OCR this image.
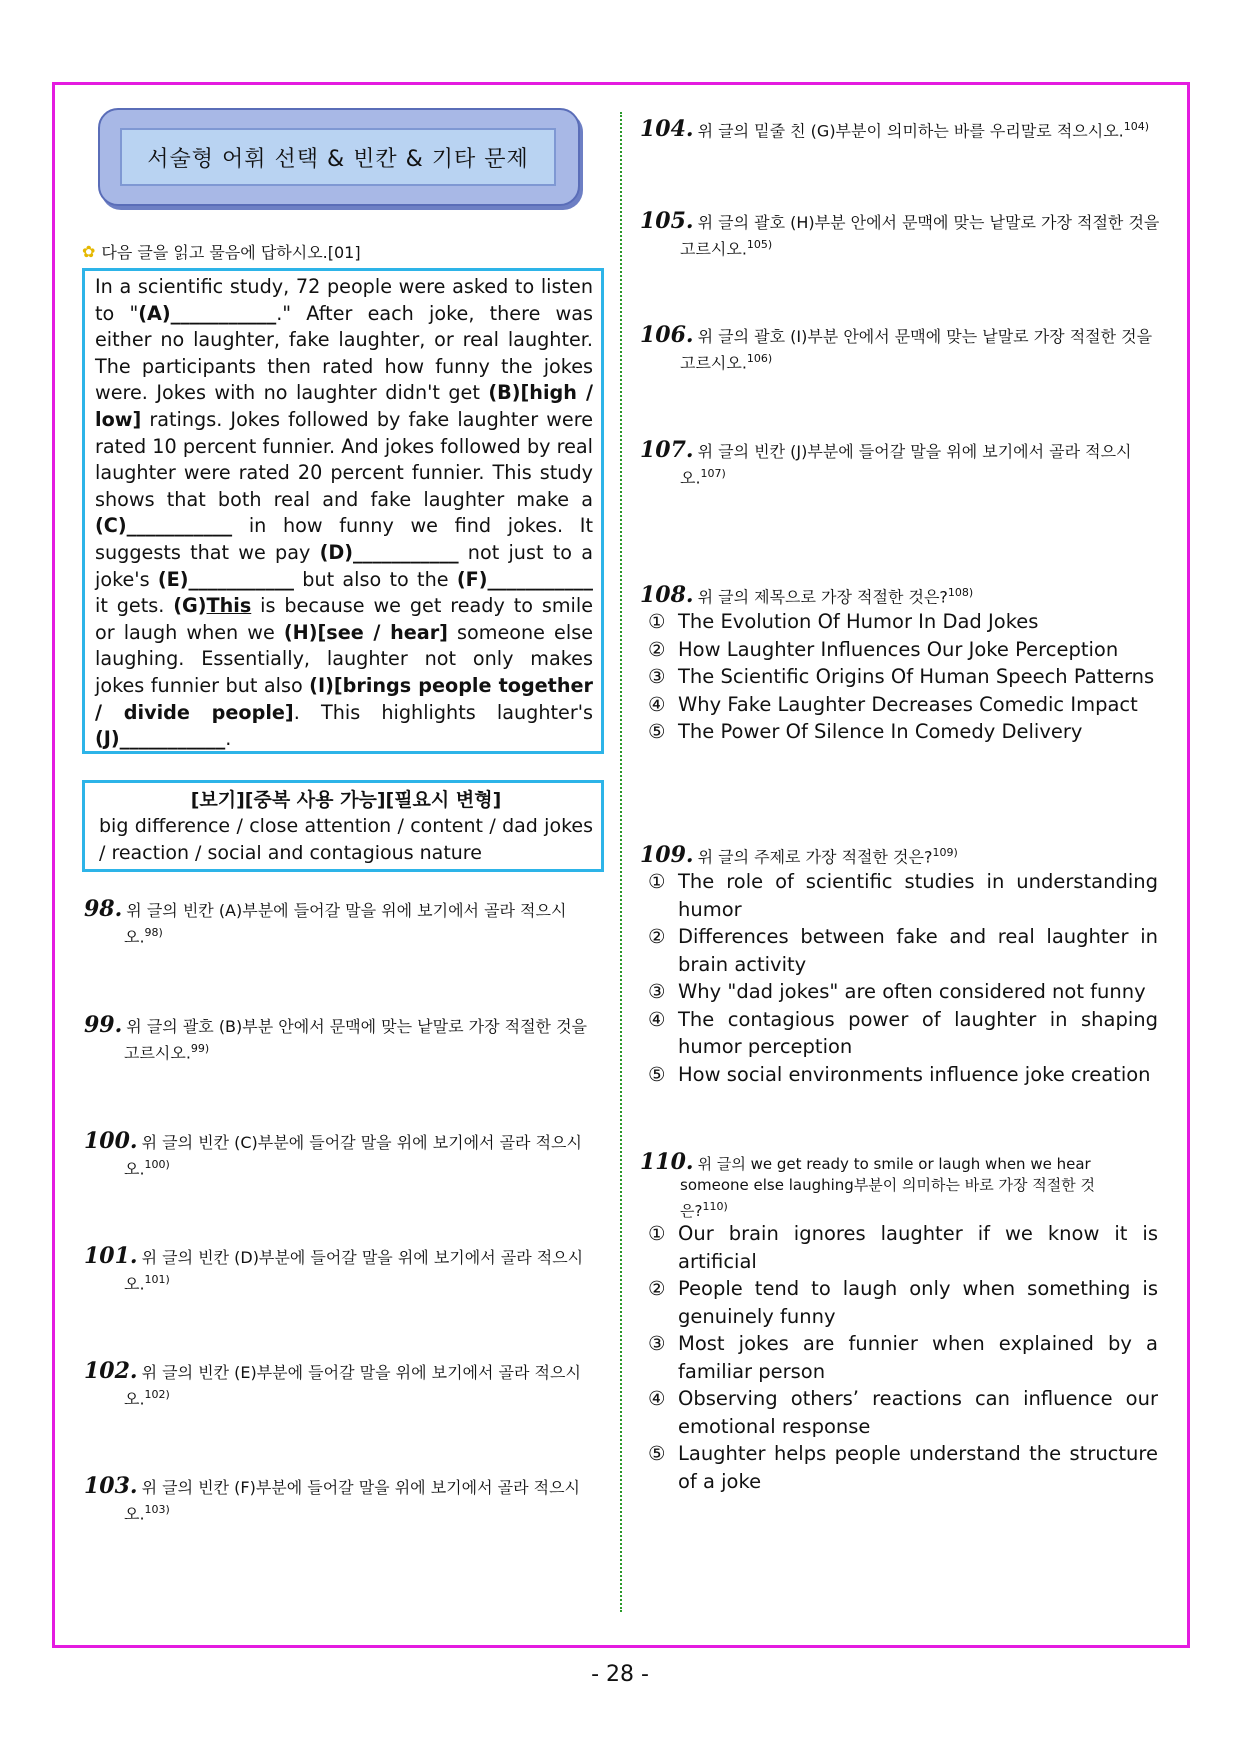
서술형 어휘 선택 & 빈칸 & 기타 문제
✿ 다음 글을 읽고 물음에 답하시오.[01]
In a scientific study, 72 people were asked to listen to "(A)___________." After each joke, there was either no laughter, fake laughter, or real laughter. The participants then rated how funny the jokes were. Jokes with no laughter didn't get (B)[high / low] ratings. Jokes followed by fake laughter were rated 10 percent funnier. And jokes followed by real laughter were rated 20 percent funnier. This study shows that both real and fake laughter make a (C)___________ in how funny we find jokes. It suggests that we pay (D)___________ not just to a joke's (E)___________ but also to the (F)___________ it gets. (G)This is because we get ready to smile or laugh when we (H)[see / hear] someone else laughing. Essentially, laughter not only makes jokes funnier but also (I)[brings people together / divide people]. This highlights laughter's (J)___________.
[보기][중복 사용 가능][필요시 변형]
big difference / close attention / content / dad jokes / reaction / social and contagious nature
98. 위 글의 빈칸 (A)부분에 들어갈 말을 위에 보기에서 골라 적으시
오.$^{98)}$
99. 위 글의 괄호 (B)부분 안에서 문맥에 맞는 낱말로 가장 적절한 것을
고르시오.$^{99)}$
100. 위 글의 빈칸 (C)부분에 들어갈 말을 위에 보기에서 골라 적으시
오.$^{100)}$
101. 위 글의 빈칸 (D)부분에 들어갈 말을 위에 보기에서 골라 적으시
오.$^{101)}$
102. 위 글의 빈칸 (E)부분에 들어갈 말을 위에 보기에서 골라 적으시
오.$^{102)}$
103. 위 글의 빈칸 (F)부분에 들어갈 말을 위에 보기에서 골라 적으시
오.$^{103)}$
104. 위 글의 밑줄 친 (G)부분이 의미하는 바를 우리말로 적으시오.$^{104)}$
105. 위 글의 괄호 (H)부분 안에서 문맥에 맞는 낱말로 가장 적절한 것을
고르시오.$^{105)}$
106. 위 글의 괄호 (I)부분 안에서 문맥에 맞는 낱말로 가장 적절한 것을
고르시오.$^{106)}$
107. 위 글의 빈칸 (J)부분에 들어갈 말을 위에 보기에서 골라 적으시
오.$^{107)}$
108. 위 글의 제목으로 가장 적절한 것은?$^{108)}$
① The Evolution Of Humor In Dad Jokes
② How Laughter Influences Our Joke Perception
③ The Scientific Origins Of Human Speech Patterns
④ Why Fake Laughter Decreases Comedic Impact
⑤ The Power Of Silence In Comedy Delivery
109. 위 글의 주제로 가장 적절한 것은?$^{109)}$
① The role of scientific studies in understanding humor
② Differences between fake and real laughter in brain activity
③ Why "dad jokes" are often considered not funny
④ The contagious power of laughter in shaping humor perception
⑤ How social environments influence joke creation
110. 위 글의 we get ready to smile or laugh when we hear
someone else laughing부분이 의미하는 바로 가장 적절한 것
은?$^{110)}$
① Our brain ignores laughter if we know it is artificial
② People tend to laugh only when something is genuinely funny
③ Most jokes are funnier when explained by a familiar person
④ Observing others’ reactions can influence our emotional response
⑤ Laughter helps people understand the structure of a joke
- 28 -
